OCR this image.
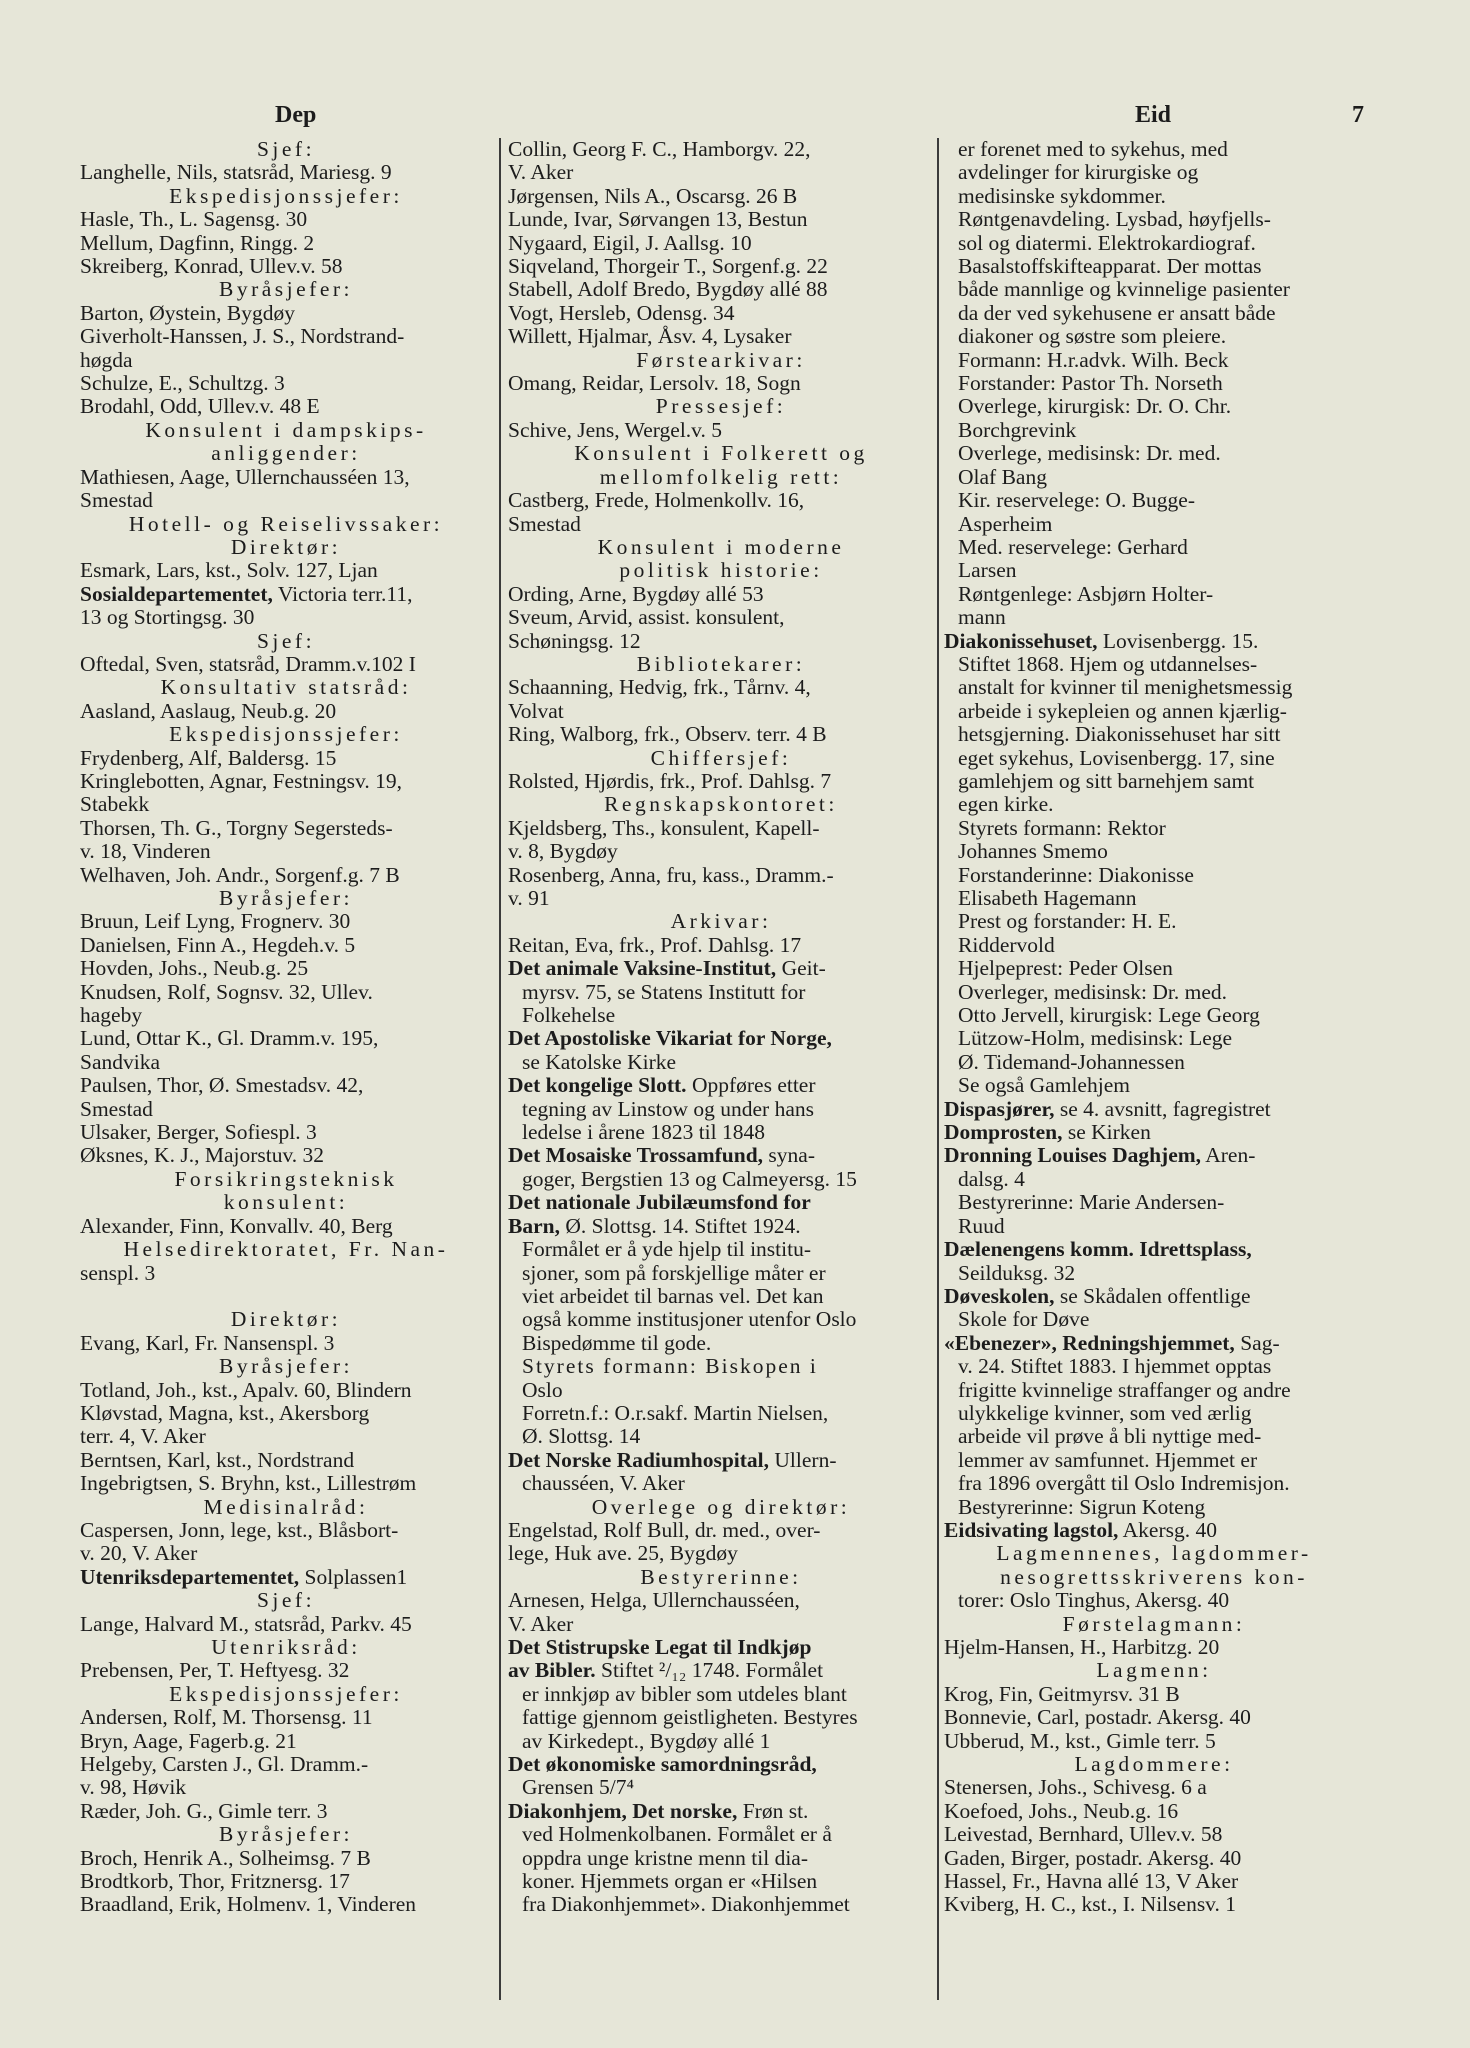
Dep	Eid	7
Sjef:
Langhelle, Nils, statsråd, Mariesg. 9
Ekspedisjonssjefer:
Hasle, Th., L. Sagensg. 30
Mellum, Dagfinn, Ringg. 2
Skreiberg, Konrad, Ullev.v. 58
Byråsjefer:
Barton, Øystein, Bygdøy
Giverholt-Hanssen, J. S., Nordstrand-
høgda
Schulze, E., Schultzg. 3
Brodahl, Odd, Ullev.v. 48 E
Konsulent i dampskips-
anliggender:
Mathiesen, Aage, Ullernchausséen 13,
Smestad
Hotell- og Reiselivssaker:
Direktør:
Esmark, Lars, kst., Solv. 127, Ljan
Sosialdepartementet, Victoria terr.11,
13 og Stortingsg. 30
Sjef:
Oftedal, Sven, statsråd, Dramm.v.102 I
Konsultativ statsråd:
Aasland, Aaslaug, Neub.g. 20
Ekspedisjonssjefer:
Frydenberg, Alf, Baldersg. 15
Kringlebotten, Agnar, Festningsv. 19,
Stabekk
Thorsen, Th. G., Torgny Segersteds-
v. 18, Vinderen
Welhaven, Joh. Andr., Sorgenf.g. 7 B
Byråsjefer:
Bruun, Leif Lyng, Frognerv. 30
Danielsen, Finn A., Hegdeh.v. 5
Hovden, Johs., Neub.g. 25
Knudsen, Rolf, Sognsv. 32, Ullev.
hageby
Lund, Ottar K., Gl. Dramm.v. 195,
Sandvika
Paulsen, Thor, Ø. Smestadsv. 42,
Smestad
Ulsaker, Berger, Sofiespl. 3
Øksnes, K. J., Majorstuv. 32
Forsikringsteknisk
konsulent:
Alexander, Finn, Konvallv. 40, Berg
Helsedirektoratet, Fr. Nan-
senspl. 3

Direktør:
Evang, Karl, Fr. Nansenspl. 3
Byråsjefer:
Totland, Joh., kst., Apalv. 60, Blindern
Kløvstad, Magna, kst., Akersborg
terr. 4, V. Aker
Berntsen, Karl, kst., Nordstrand
Ingebrigtsen, S. Bryhn, kst., Lillestrøm
Medisinalråd:
Caspersen, Jonn, lege, kst., Blåsbort-
v. 20, V. Aker
Utenriksdepartementet, Solplassen1
Sjef:
Lange, Halvard M., statsråd, Parkv. 45
Utenriksråd:
Prebensen, Per, T. Heftyesg. 32
Ekspedisjonssjefer:
Andersen, Rolf, M. Thorsensg. 11
Bryn, Aage, Fagerb.g. 21
Helgeby, Carsten J., Gl. Dramm.-
v. 98, Høvik
Ræder, Joh. G., Gimle terr. 3
Byråsjefer:
Broch, Henrik A., Solheimsg. 7 B
Brodtkorb, Thor, Fritznersg. 17
Braadland, Erik, Holmenv. 1, Vinderen
Collin, Georg F. C., Hamborgv. 22,
V. Aker
Jørgensen, Nils A., Oscarsg. 26 B
Lunde, Ivar, Sørvangen 13, Bestun
Nygaard, Eigil, J. Aallsg. 10
Siqveland, Thorgeir T., Sorgenf.g. 22
Stabell, Adolf Bredo, Bygdøy allé 88
Vogt, Hersleb, Odensg. 34
Willett, Hjalmar, Åsv. 4, Lysaker
Førstearkivar:
Omang, Reidar, Lersolv. 18, Sogn
Pressesjef:
Schive, Jens, Wergel.v. 5
Konsulent i Folkerett og
mellomfolkelig rett:
Castberg, Frede, Holmenkollv. 16,
Smestad
Konsulent i moderne
politisk historie:
Ording, Arne, Bygdøy allé 53
Sveum, Arvid, assist. konsulent,
Schøningsg. 12
Bibliotekarer:
Schaanning, Hedvig, frk., Tårnv. 4,
Volvat
Ring, Walborg, frk., Observ. terr. 4 B
Chiffersjef:
Rolsted, Hjørdis, frk., Prof. Dahlsg. 7
Regnskapskontoret:
Kjeldsberg, Ths., konsulent, Kapell-
v. 8, Bygdøy
Rosenberg, Anna, fru, kass., Dramm.-
v. 91
Arkivar:
Reitan, Eva, frk., Prof. Dahlsg. 17
Det animale Vaksine-Institut, Geit-
myrsv. 75, se Statens Institutt for
Folkehelse
Det Apostoliske Vikariat for Norge,
se Katolske Kirke
Det kongelige Slott. Oppføres etter
tegning av Linstow og under hans
ledelse i årene 1823 til 1848
Det Mosaiske Trossamfund, syna-
goger, Bergstien 13 og Calmeyersg. 15
Det nationale Jubilæumsfond for
Barn, Ø. Slottsg. 14. Stiftet 1924.
Formålet er å yde hjelp til institu-
sjoner, som på forskjellige måter er
viet arbeidet til barnas vel. Det kan
også komme institusjoner utenfor Oslo
Bispedømme til gode.
Styrets formann: Biskopen i
Oslo
Forretn.f.: O.r.sakf. Martin Nielsen,
Ø. Slottsg. 14
Det Norske Radiumhospital, Ullern-
chausséen, V. Aker
Overlege og direktør:
Engelstad, Rolf Bull, dr. med., over-
lege, Huk ave. 25, Bygdøy
Bestyrerinne:
Arnesen, Helga, Ullernchausséen,
V. Aker
Det Stistrupske Legat til Indkjøp
av Bibler. Stiftet ²/₁₂ 1748. Formålet
er innkjøp av bibler som utdeles blant
fattige gjennom geistligheten. Bestyres
av Kirkedept., Bygdøy allé 1
Det økonomiske samordningsråd,
Grensen 5/7⁴
Diakonhjem, Det norske, Frøn st.
ved Holmenkolbanen. Formålet er å
oppdra unge kristne menn til dia-
koner. Hjemmets organ er «Hilsen
fra Diakonhjemmet». Diakonhjemmet
er forenet med to sykehus, med
avdelinger for kirurgiske og
medisinske sykdommer.
Røntgenavdeling. Lysbad, høyfjells-
sol og diatermi. Elektrokardiograf.
Basalstoffskifteapparat. Der mottas
både mannlige og kvinnelige pasienter
da der ved sykehusene er ansatt både
diakoner og søstre som pleiere.
Formann: H.r.advk. Wilh. Beck
Forstander: Pastor Th. Norseth
Overlege, kirurgisk: Dr. O. Chr.
Borchgrevink
Overlege, medisinsk: Dr. med.
Olaf Bang
Kir. reservelege: O. Bugge-
Asperheim
Med. reservelege: Gerhard
Larsen
Røntgenlege: Asbjørn Holter-
mann
Diakonissehuset, Lovisenbergg. 15.
Stiftet 1868. Hjem og utdannelses-
anstalt for kvinner til menighetsmessig
arbeide i sykepleien og annen kjærlig-
hetsgjerning. Diakonissehuset har sitt
eget sykehus, Lovisenbergg. 17, sine
gamlehjem og sitt barnehjem samt
egen kirke.
Styrets formann: Rektor
Johannes Smemo
Forstanderinne: Diakonisse
Elisabeth Hagemann
Prest og forstander: H. E.
Riddervold
Hjelpeprest: Peder Olsen
Overleger, medisinsk: Dr. med.
Otto Jervell, kirurgisk: Lege Georg
Lützow-Holm, medisinsk: Lege
Ø. Tidemand-Johannessen
Se også Gamlehjem
Dispasjører, se 4. avsnitt, fagregistret
Domprosten, se Kirken
Dronning Louises Daghjem, Aren-
dalsg. 4
Bestyrerinne: Marie Andersen-
Ruud
Dælenengens komm. Idrettsplass,
Seilduksg. 32
Døveskolen, se Skådalen offentlige
Skole for Døve
«Ebenezer», Redningshjemmet, Sag-
v. 24. Stiftet 1883. I hjemmet opptas
frigitte kvinnelige straffanger og andre
ulykkelige kvinner, som ved ærlig
arbeide vil prøve å bli nyttige med-
lemmer av samfunnet. Hjemmet er
fra 1896 overgått til Oslo Indremisjon.
Bestyrerinne: Sigrun Koteng
Eidsivating lagstol, Akersg. 40
Lagmennenes, lagdommer-
nesogrettsskriverens kon-
torer: Oslo Tinghus, Akersg. 40
Førstelagmann:
Hjelm-Hansen, H., Harbitzg. 20
Lagmenn:
Krog, Fin, Geitmyrsv. 31 B
Bonnevie, Carl, postadr. Akersg. 40
Ubberud, M., kst., Gimle terr. 5
Lagdommere:
Stenersen, Johs., Schivesg. 6 a
Koefoed, Johs., Neub.g. 16
Leivestad, Bernhard, Ullev.v. 58
Gaden, Birger, postadr. Akersg. 40
Hassel, Fr., Havna allé 13, V Aker
Kviberg, H. C., kst., I. Nilsensv. 1
